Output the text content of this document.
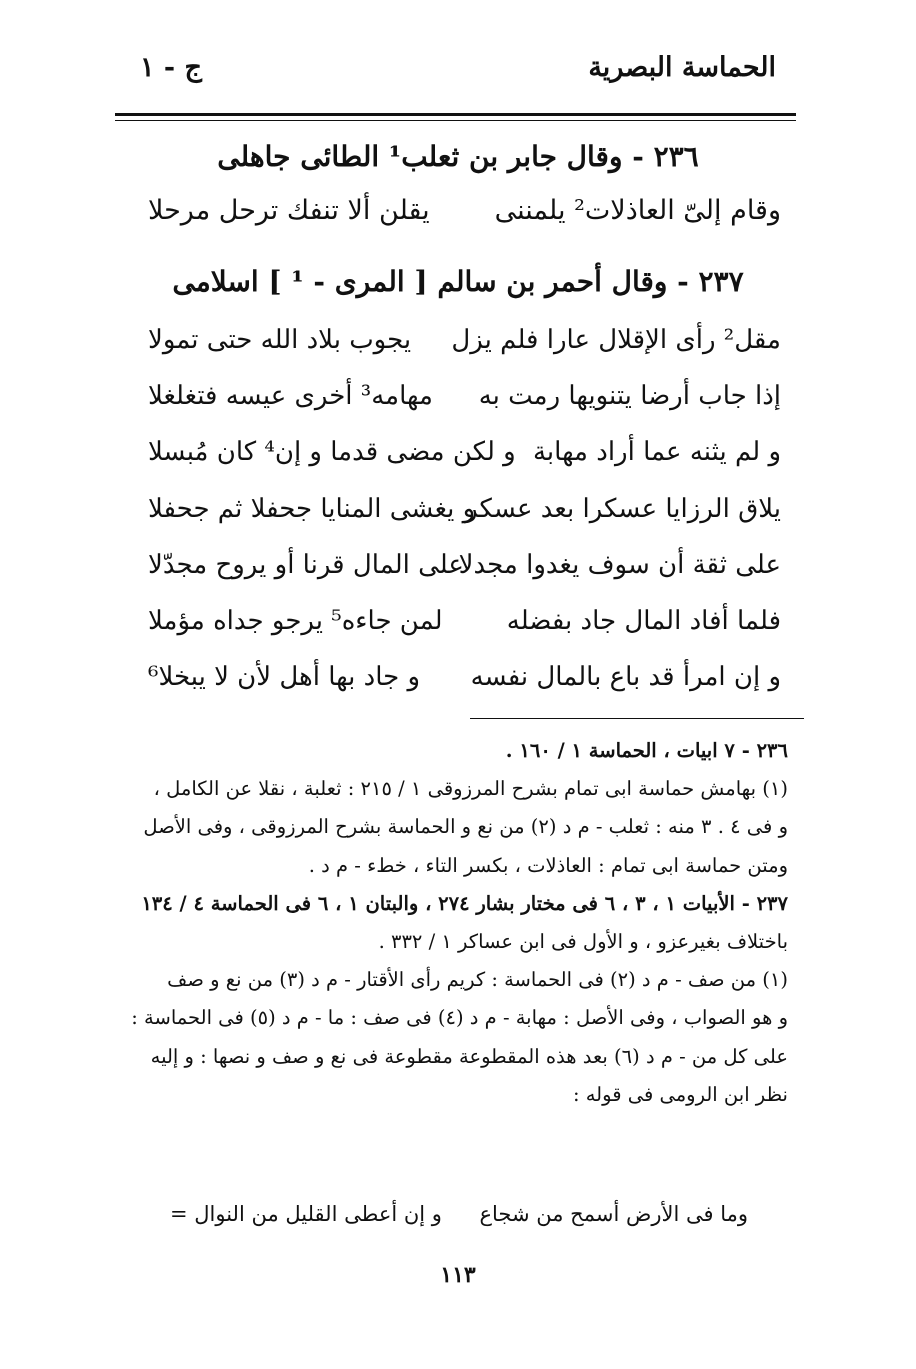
الحماسة البصرية
ج - ١
٢٣٦ - وقال جابر بن ثعلب¹ الطائى جاهلى
وقام إلىّ العاذلات² يلمننى
يقلن ألا تنفك ترحل مرحلا
٢٣٧ - وقال أحمر بن سالم [ المرى - ¹ ] اسلامى
مقل² رأى الإقلال عارا فلم يزل
يجوب بلاد الله حتى تمولا
إذا جاب أرضا يتنويها رمت به
مهامه³ أخرى عيسه فتغلغلا
و لم يثنه عما أراد مهابة
و لكن مضى قدما و إن⁴ كان مُبسلا
يلاق الرزايا عسكرا بعد عسكر
و يغشى المنايا جحفلا ثم جحفلا
على ثقة أن سوف يغدوا مجدلا
على المال قرنا أو يروح مجدّلا
فلما أفاد المال جاد بفضله
لمن جاءه⁵ يرجو جداه مؤملا
و إن امرأ قد باع بالمال نفسه
و جاد بها أهل لأن لا يبخلا⁶
٢٣٦ - ٧ ابيات ، الحماسة ١ / ١٦٠ .
(١) بهامش حماسة ابى تمام بشرح المرزوقى ١ / ٢١٥ : ثعلبة ، نقلا عن الكامل ،
و فى ٤ . ٣ منه : ثعلب - م د (٢) من نع و الحماسة بشرح المرزوقى ، وفى الأصل
ومتن حماسة ابى تمام : العاذلات ، بكسر التاء ، خطء - م د .
٢٣٧ - الأبيات ١ ، ٣ ، ٦ فى مختار بشار ٢٧٤ ، والبتان ١ ، ٦ فى الحماسة ٤ / ١٣٤
باختلاف بغيرعزو ، و الأول فى ابن عساكر ١ / ٣٣٢ .
(١) من صف - م د (٢) فى الحماسة : كريم رأى الأقتار - م د (٣) من نع و صف
و هو الصواب ، وفى الأصل : مهابة - م د (٤) فى صف : ما - م د (٥) فى الحماسة :
على كل من - م د (٦) بعد هذه المقطوعة مقطوعة فى نع و صف و نصها : و إليه
نظر ابن الرومى فى قوله :
وما فى الأرض أسمح من شجاع
و إن أعطى القليل من النوال =
١١٣
